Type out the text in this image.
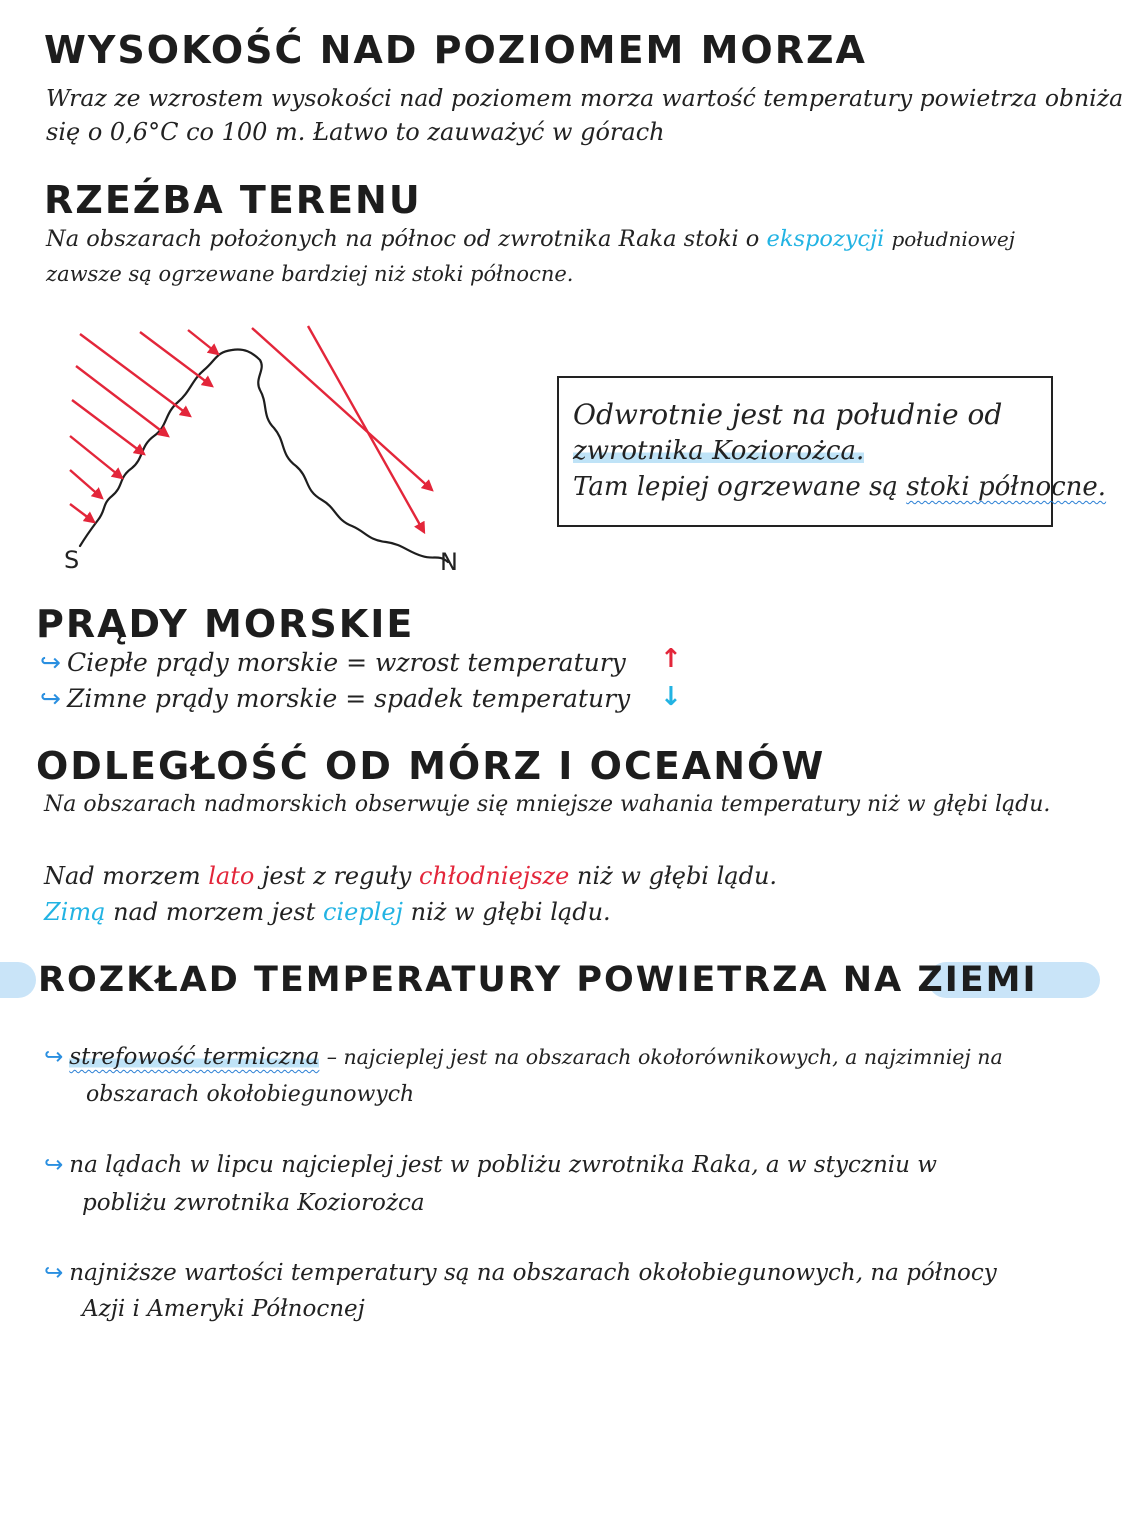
WYSOKOŚĆ NAD POZIOMEM MORZA

Wraz ze wzrostem wysokości nad poziomem morza wartość temperatury powietrza obniża

się o 0,6°C co 100 m. Łatwo to zauważyć w górach

RZEŹBA TERENU

Na obszarach położonych na północ od zwrotnika Raka stoki o ekspozycji południowej

zawsze są ogrzewane bardziej niż stoki północne.

S	N

Odwrotnie jest na południe od

zwrotnika Koziorożca.

Tam lepiej ogrzewane są stoki północne.

PRĄDY MORSKIE

↪ Ciepłe prądy morskie = wzrost temperatury ↑

↪ Zimne prądy morskie = spadek temperatury ↓
ODLEGŁOŚĆ OD MÓRZ I OCEANÓW

Na obszarach nadmorskich obserwuje się mniejsze wahania temperatury niż w głębi lądu.

Nad morzem lato jest z reguły chłodniejsze niż w głębi lądu.

Zimą nad morzem jest cieplej niż w głębi lądu.

ROZKŁAD TEMPERATURY POWIETRZA NA ZIEMI

↪ strefowość termiczna – najcieplej jest na obszarach okołorównikowych, a najzimniej na

obszarach okołobiegunowych

↪ na lądach w lipcu najcieplej jest w pobliżu zwrotnika Raka, a w styczniu w

pobliżu zwrotnika Koziorożca

↪ najniższe wartości temperatury są na obszarach okołobiegunowych, na północy

Azji i Ameryki Północnej
